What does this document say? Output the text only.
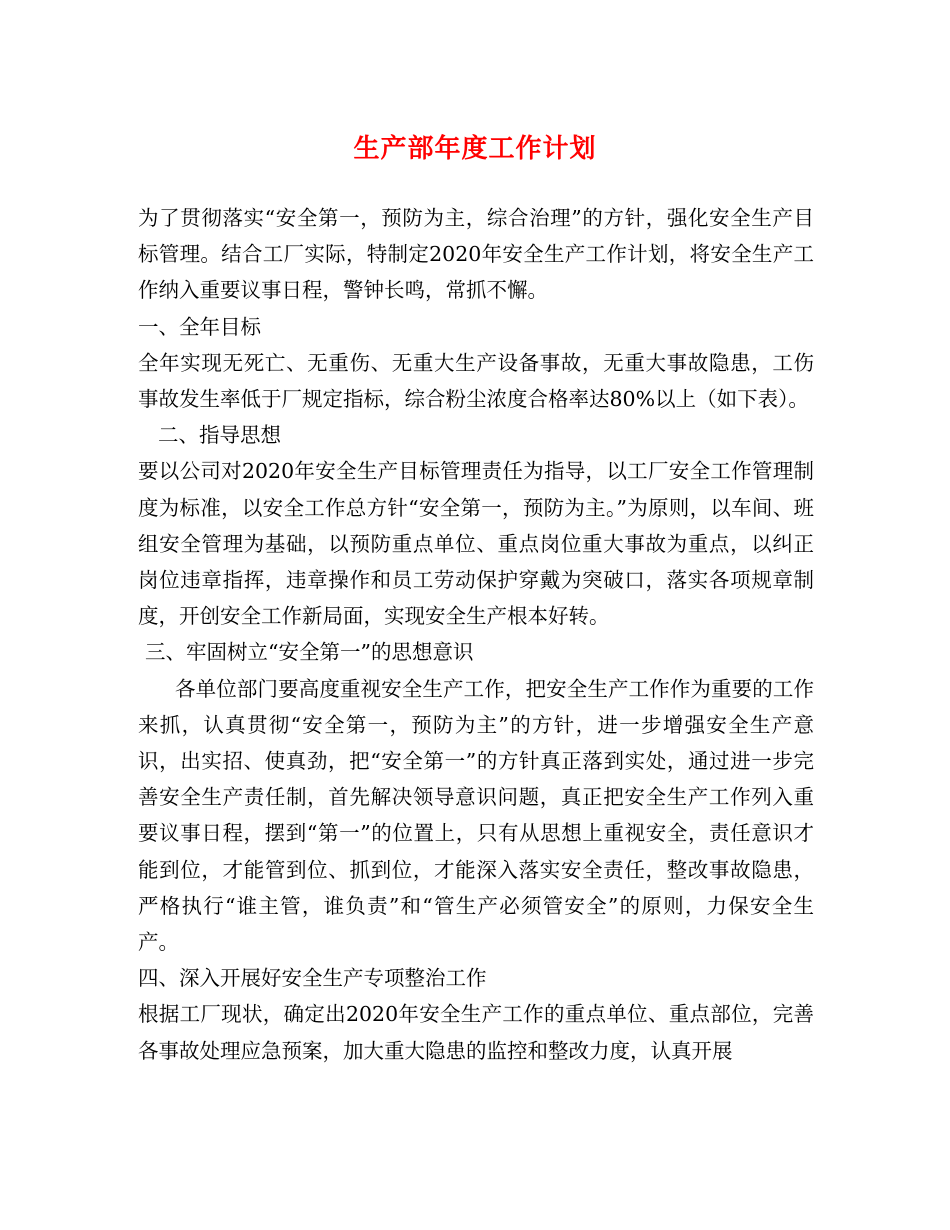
生产部年度工作计划

为了贯彻落实“安全第一，预防为主，综合治理”的方针，强化安全生产目标管理。结合工厂实际，特制定2020年安全生产工作计划，将安全生产工作纳入重要议事日程，警钟长鸣，常抓不懈。

一、全年目标

全年实现无死亡、无重伤、无重大生产设备事故，无重大事故隐患，工伤事故发生率低于厂规定指标，综合粉尘浓度合格率达80%以上（如下表）。

二、指导思想

要以公司对2020年安全生产目标管理责任为指导，以工厂安全工作管理制度为标准，以安全工作总方针“安全第一，预防为主。”为原则，以车间、班组安全管理为基础，以预防重点单位、重点岗位重大事故为重点，以纠正岗位违章指挥，违章操作和员工劳动保护穿戴为突破口，落实各项规章制度，开创安全工作新局面，实现安全生产根本好转。

三、牢固树立“安全第一”的思想意识

各单位部门要高度重视安全生产工作，把安全生产工作作为重要的工作来抓，认真贯彻“安全第一，预防为主”的方针，进一步增强安全生产意识，出实招、使真劲，把“安全第一”的方针真正落到实处，通过进一步完善安全生产责任制，首先解决领导意识问题，真正把安全生产工作列入重要议事日程，摆到“第一”的位置上，只有从思想上重视安全，责任意识才能到位，才能管到位、抓到位，才能深入落实安全责任，整改事故隐患，严格执行“谁主管，谁负责”和“管生产必须管安全”的原则，力保安全生产。

四、深入开展好安全生产专项整治工作

根据工厂现状，确定出2020年安全生产工作的重点单位、重点部位，完善各事故处理应急预案，加大重大隐患的监控和整改力度，认真开展
